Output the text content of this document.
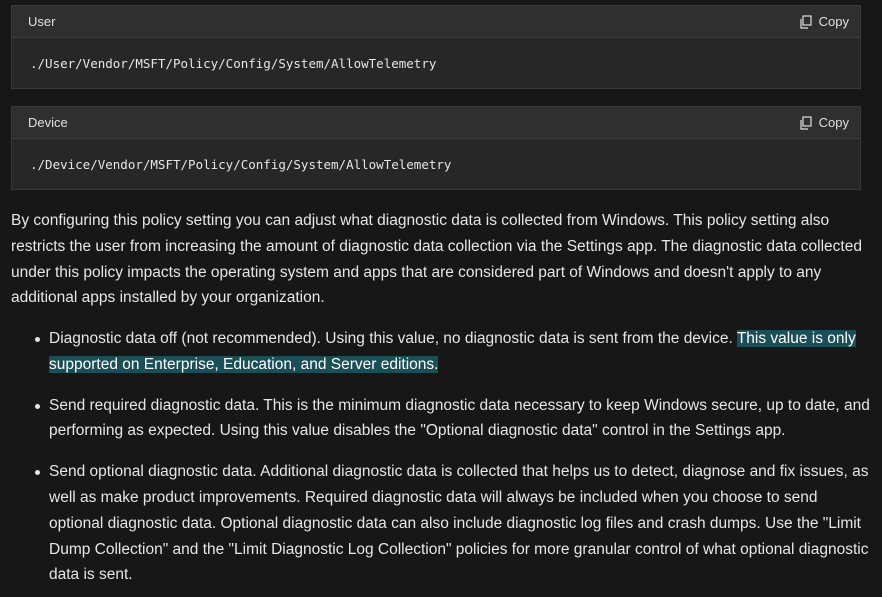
User	Copy
./User/Vendor/MSFT/Policy/Config/System/AllowTelemetry
Device	Copy
./Device/Vendor/MSFT/Policy/Config/System/AllowTelemetry

By configuring this policy setting you can adjust what diagnostic data is collected from Windows. This policy setting also restricts the user from increasing the amount of diagnostic data collection via the Settings app. The diagnostic data collected under this policy impacts the operating system and apps that are considered part of Windows and doesn't apply to any additional apps installed by your organization.

Diagnostic data off (not recommended). Using this value, no diagnostic data is sent from the device. This value is only supported on Enterprise, Education, and Server editions.
Send required diagnostic data. This is the minimum diagnostic data necessary to keep Windows secure, up to date, and performing as expected. Using this value disables the "Optional diagnostic data" control in the Settings app.
Send optional diagnostic data. Additional diagnostic data is collected that helps us to detect, diagnose and fix issues, as well as make product improvements. Required diagnostic data will always be included when you choose to send optional diagnostic data. Optional diagnostic data can also include diagnostic log files and crash dumps. Use the "Limit Dump Collection" and the "Limit Diagnostic Log Collection" policies for more granular control of what optional diagnostic data is sent.
